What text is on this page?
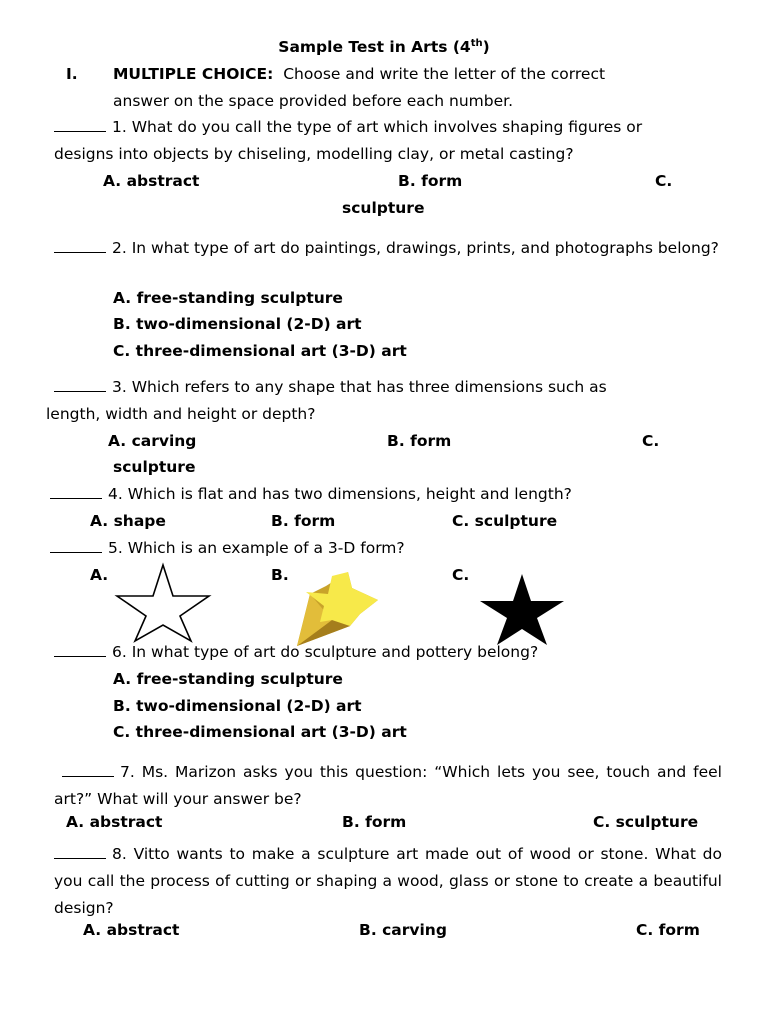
Sample Test in Arts (4th)
I. MULTIPLE CHOICE: Choose and write the letter of the correct
answer on the space provided before each number.
1. What do you call the type of art which involves shaping figures or
designs into objects by chiseling, modelling clay, or metal casting?
A. abstract	B. form	C.
sculpture
2. In what type of art do paintings, drawings, prints, and photographs belong?
A. free-standing sculpture
B. two-dimensional (2-D) art
C. three-dimensional art (3-D) art
3. Which refers to any shape that has three dimensions such as
length, width and height or depth?
A. carving	B. form	C.
sculpture
4. Which is flat and has two dimensions, height and length?
A. shape	B. form	C. sculpture
5. Which is an example of a 3-D form?
A.	B.	C.
6. In what type of art do sculpture and pottery belong?
A. free-standing sculpture
B. two-dimensional (2-D) art
C. three-dimensional art (3-D) art
7. Ms. Marizon asks you this question: “Which lets you see, touch and feel art?” What will your answer be?
A. abstract	B. form	C. sculpture
8. Vitto wants to make a sculpture art made out of wood or stone. What do you call the process of cutting or shaping a wood, glass or stone to create a beautiful design?
A. abstract	B. carving	C. form
